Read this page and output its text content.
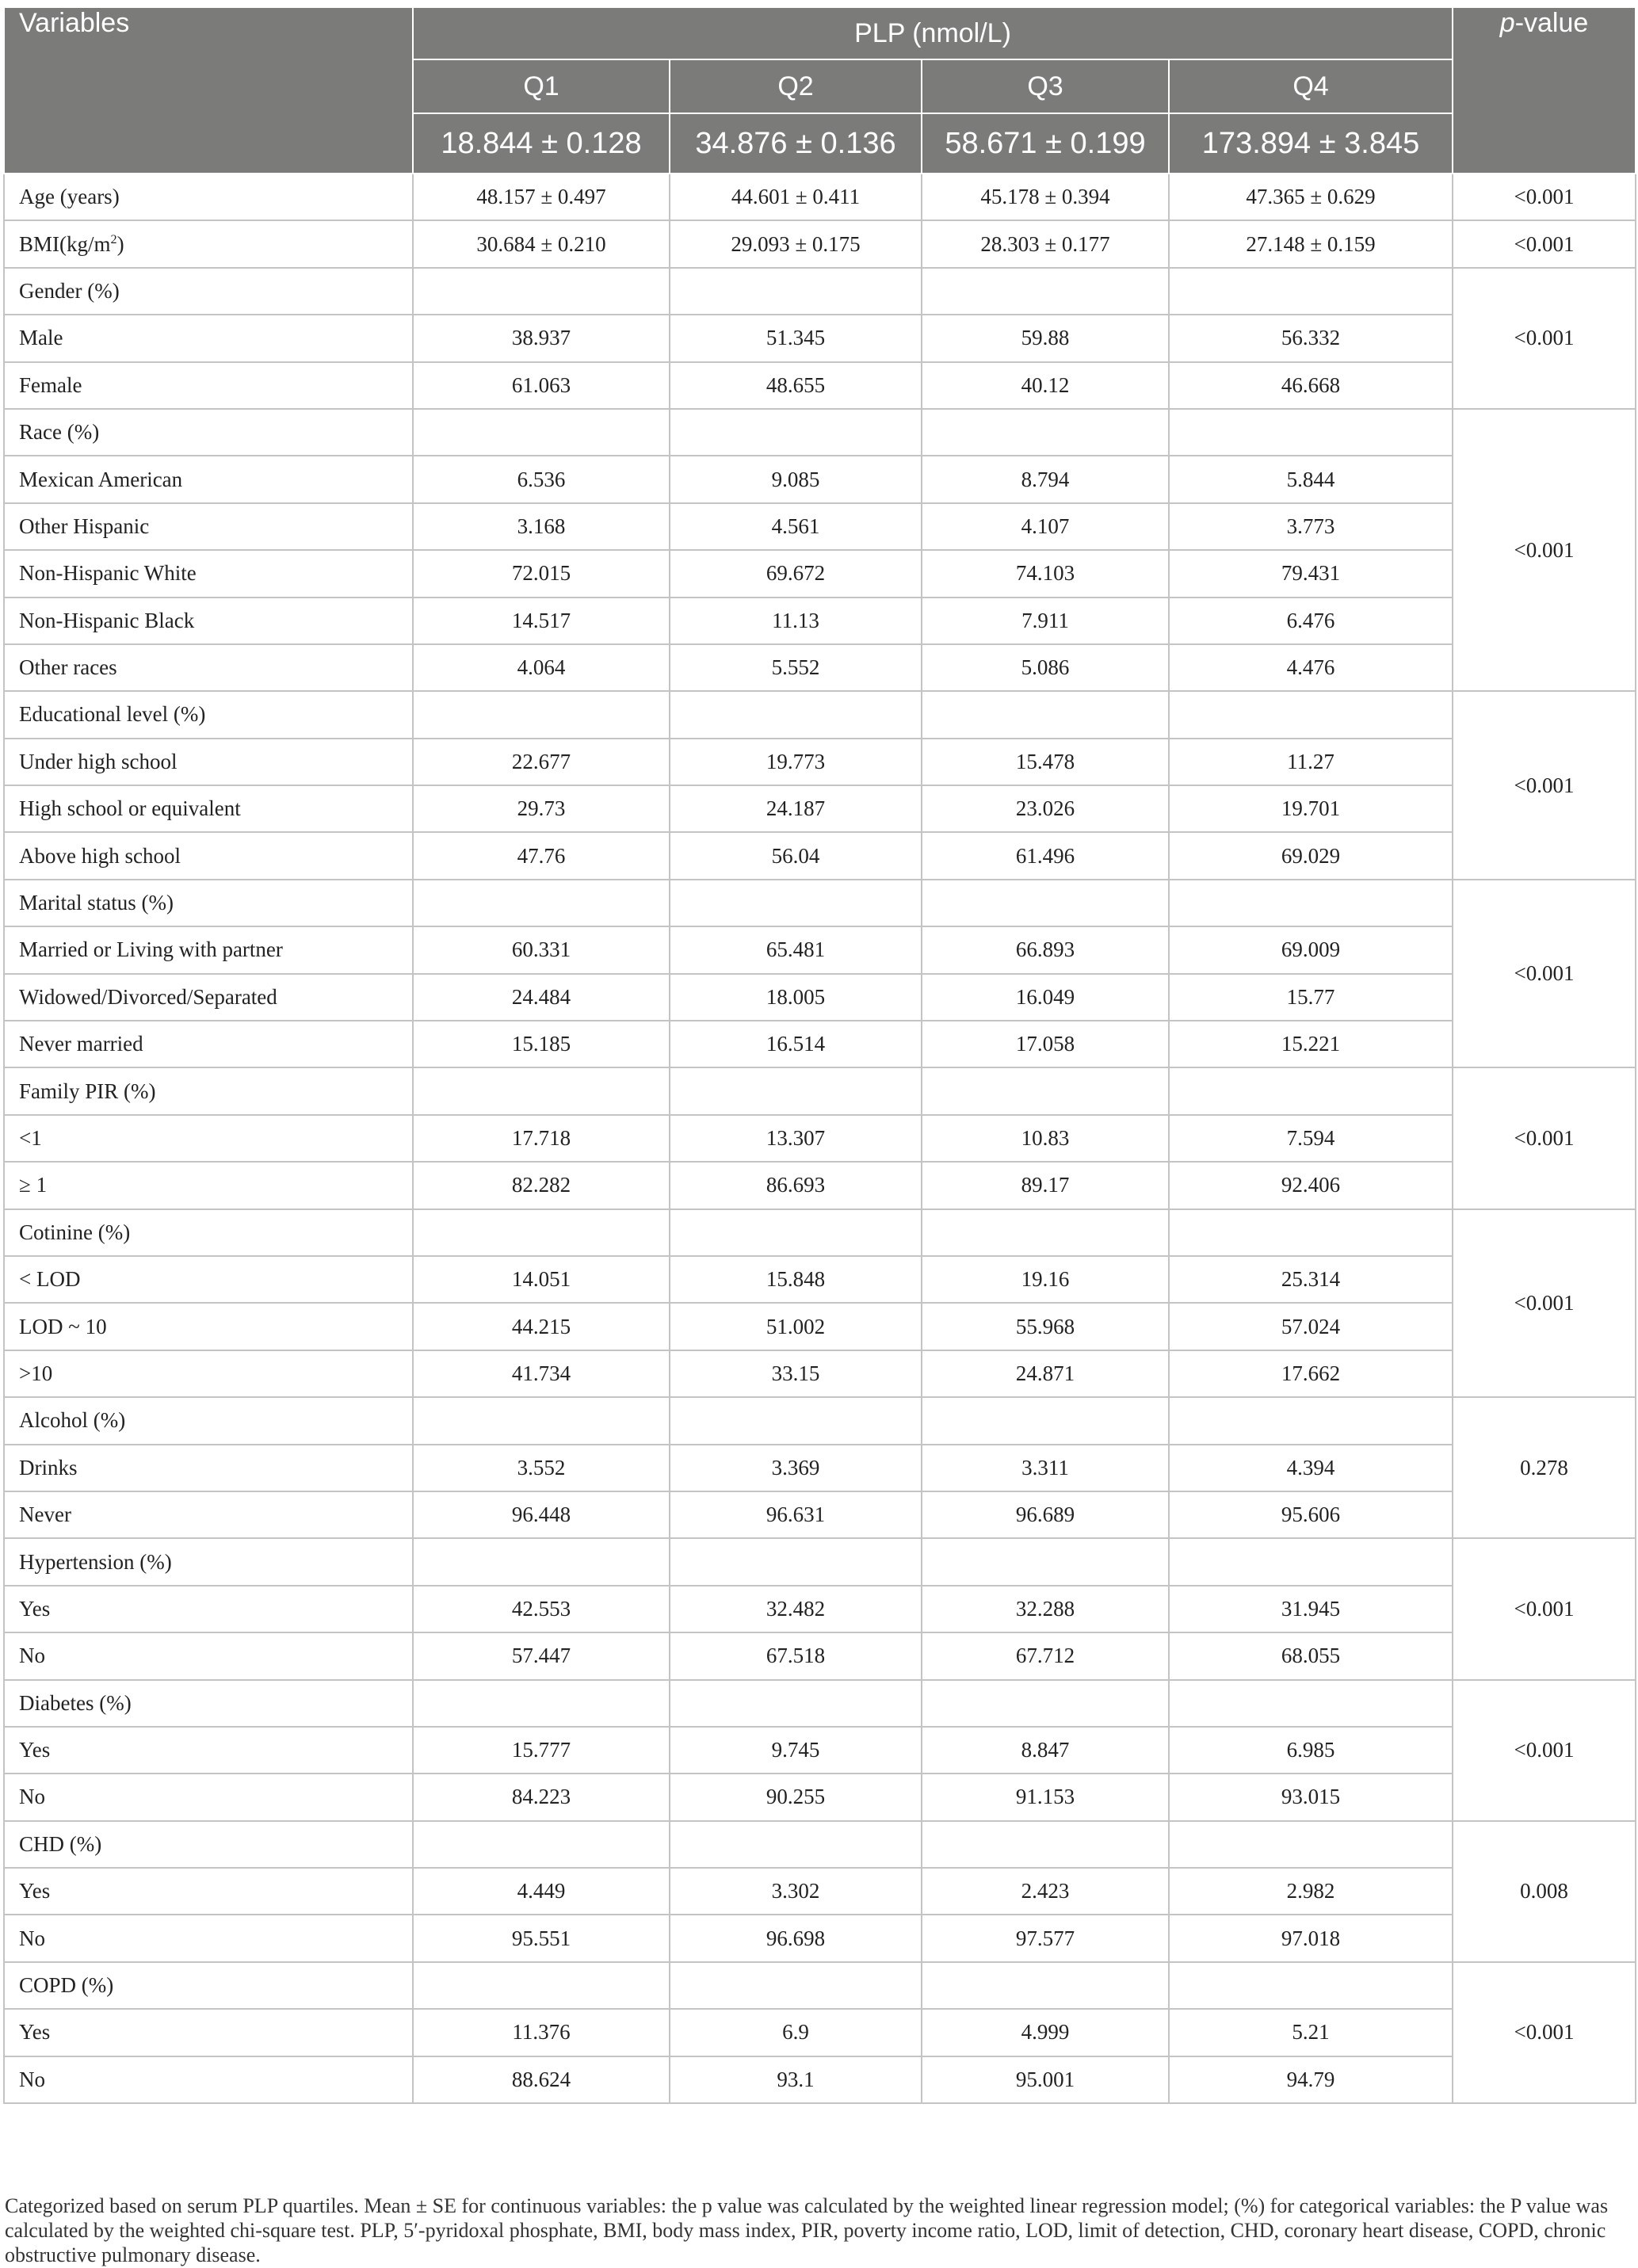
Variables	PLP (nmol/L)				p-value
	Q1	Q2	Q3	Q4	
	18.844 ± 0.128	34.876 ± 0.136	58.671 ± 0.199	173.894 ± 3.845	
Age (years)	48.157 ± 0.497	44.601 ± 0.411	45.178 ± 0.394	47.365 ± 0.629	<0.001
$BMI(kg/m^2)$	30.684 ± 0.210	29.093 ± 0.175	28.303 ± 0.177	27.148 ± 0.159	<0.001
Gender (%)					<0.001
Male	38.937	51.345	59.88	56.332	
Female	61.063	48.655	40.12	46.668	
Race (%)					<0.001
Mexican American	6.536	9.085	8.794	5.844	
Other Hispanic	3.168	4.561	4.107	3.773	
Non-Hispanic White	72.015	69.672	74.103	79.431	
Non-Hispanic Black	14.517	11.13	7.911	6.476	
Other races	4.064	5.552	5.086	4.476	
Educational level (%)					<0.001
Under high school	22.677	19.773	15.478	11.27	
High school or equivalent	29.73	24.187	23.026	19.701	
Above high school	47.76	56.04	61.496	69.029	
Marital status (%)					<0.001
Married or Living with partner	60.331	65.481	66.893	69.009	
Widowed/Divorced/Separated	24.484	18.005	16.049	15.77	
Never married	15.185	16.514	17.058	15.221	
Family PIR (%)					<0.001
<1	17.718	13.307	10.83	7.594	
≥ 1	82.282	86.693	89.17	92.406	
Cotinine (%)					<0.001
< LOD	14.051	15.848	19.16	25.314	
LOD ~ 10	44.215	51.002	55.968	57.024	
>10	41.734	33.15	24.871	17.662	
Alcohol (%)					0.278
Drinks	3.552	3.369	3.311	4.394	
Never	96.448	96.631	96.689	95.606	
Hypertension (%)					<0.001
Yes	42.553	32.482	32.288	31.945	
No	57.447	67.518	67.712	68.055	
Diabetes (%)					<0.001
Yes	15.777	9.745	8.847	6.985	
No	84.223	90.255	91.153	93.015	
CHD (%)					0.008
Yes	4.449	3.302	2.423	2.982	
No	95.551	96.698	97.577	97.018	
COPD (%)					<0.001
Yes	11.376	6.9	4.999	5.21	
No	88.624	93.1	95.001	94.79	
Categorized based on serum PLP quartiles. Mean ± SE for continuous variables: the p value was calculated by the weighted linear regression model; (%) for categorical variables: the P value was calculated by the weighted chi-square test. PLP, 5′-pyridoxal phosphate, BMI, body mass index, PIR, poverty income ratio, LOD, limit of detection, CHD, coronary heart disease, COPD, chronic obstructive pulmonary disease.
